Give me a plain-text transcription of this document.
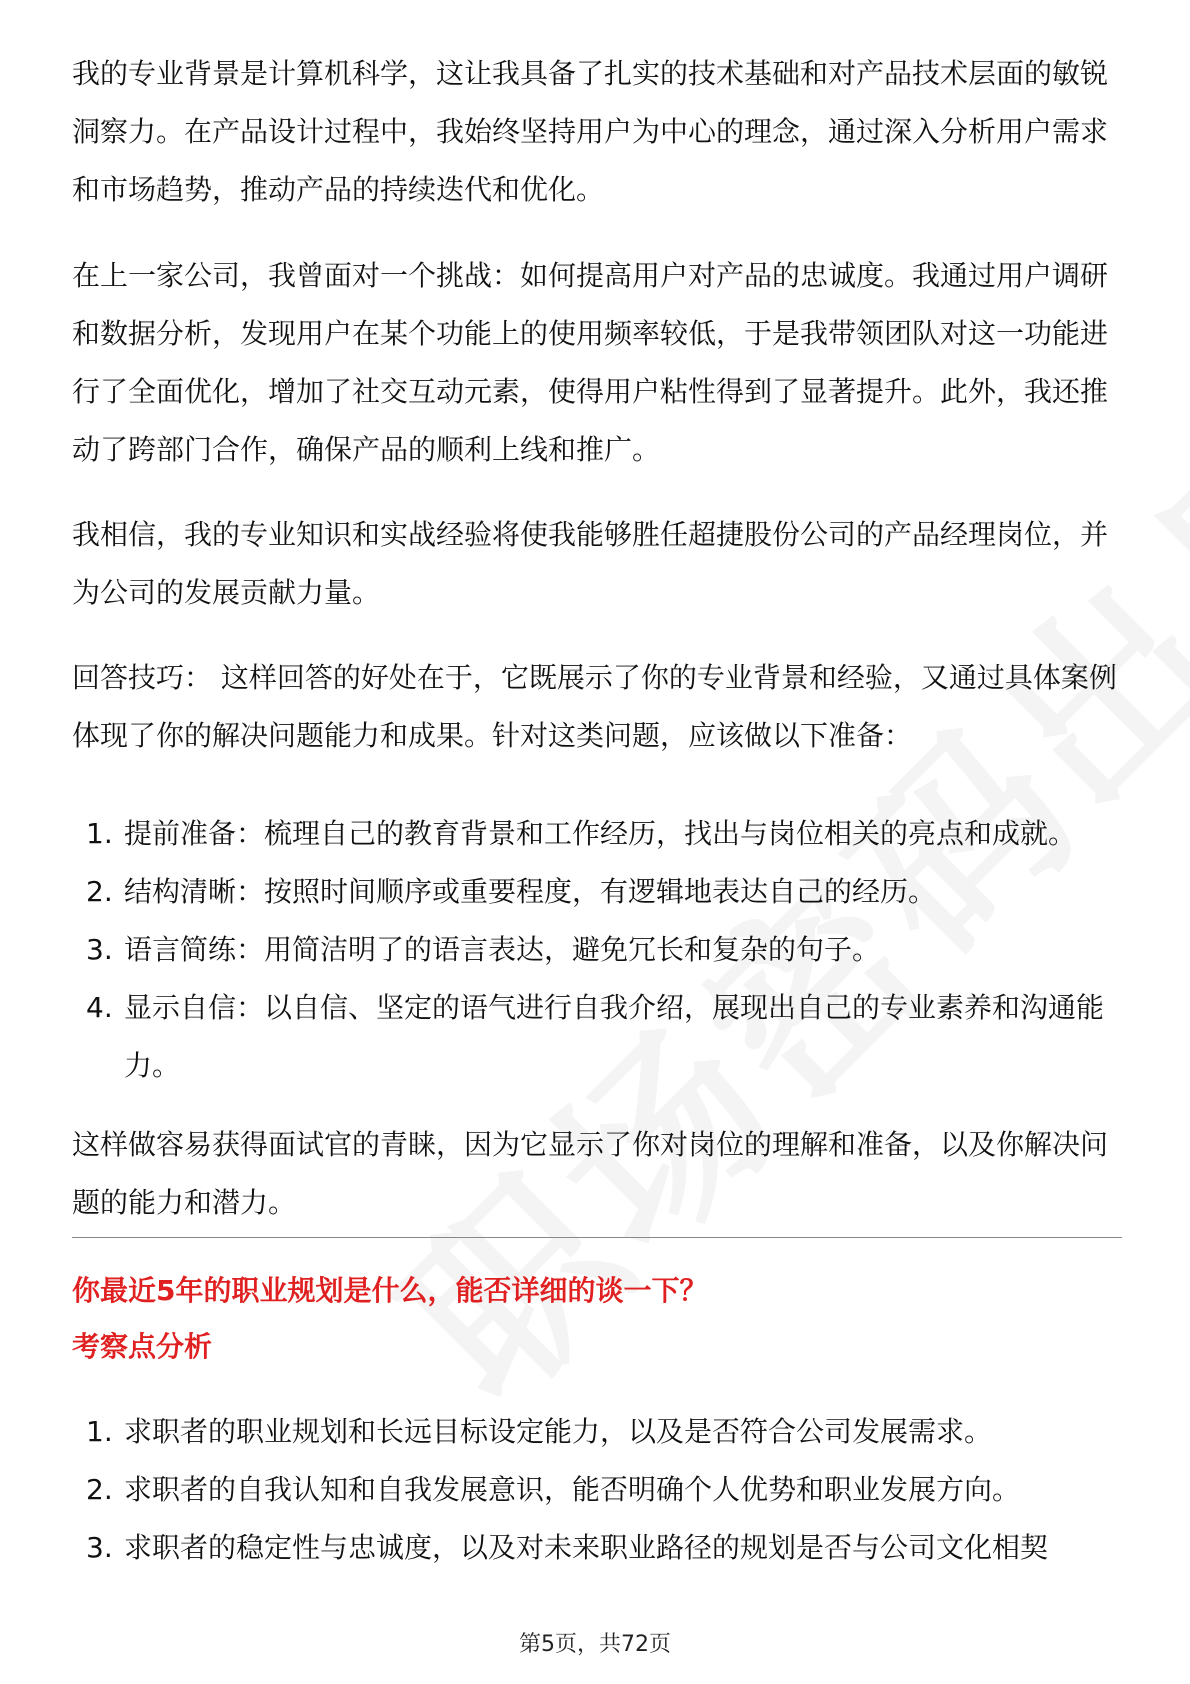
我的专业背景是计算机科学，这让我具备了扎实的技术基础和对产品技术层面的敏锐洞察力。在产品设计过程中，我始终坚持用户为中心的理念，通过深入分析用户需求和市场趋势，推动产品的持续迭代和优化。

在上一家公司，我曾面对一个挑战：如何提高用户对产品的忠诚度。我通过用户调研和数据分析，发现用户在某个功能上的使用频率较低，于是我带领团队对这一功能进行了全面优化，增加了社交互动元素，使得用户粘性得到了显著提升。此外，我还推动了跨部门合作，确保产品的顺利上线和推广。

我相信，我的专业知识和实战经验将使我能够胜任超捷股份公司的产品经理岗位，并为公司的发展贡献力量。

回答技巧： 这样回答的好处在于，它既展示了你的专业背景和经验，又通过具体案例体现了你的解决问题能力和成果。针对这类问题，应该做以下准备：

1. 提前准备：梳理自己的教育背景和工作经历，找出与岗位相关的亮点和成就。
2. 结构清晰：按照时间顺序或重要程度，有逻辑地表达自己的经历。
3. 语言简练：用简洁明了的语言表达，避免冗长和复杂的句子。
4. 显示自信：以自信、坚定的语气进行自我介绍，展现出自己的专业素养和沟通能力。

这样做容易获得面试官的青睐，因为它显示了你对岗位的理解和准备，以及你解决问题的能力和潜力。

你最近5年的职业规划是什么，能否详细的谈一下？

考察点分析

1. 求职者的职业规划和长远目标设定能力，以及是否符合公司发展需求。
2. 求职者的自我认知和自我发展意识，能否明确个人优势和职业发展方向。
3. 求职者的稳定性与忠诚度，以及对未来职业路径的规划是否与公司文化相契
第5页，共72页
